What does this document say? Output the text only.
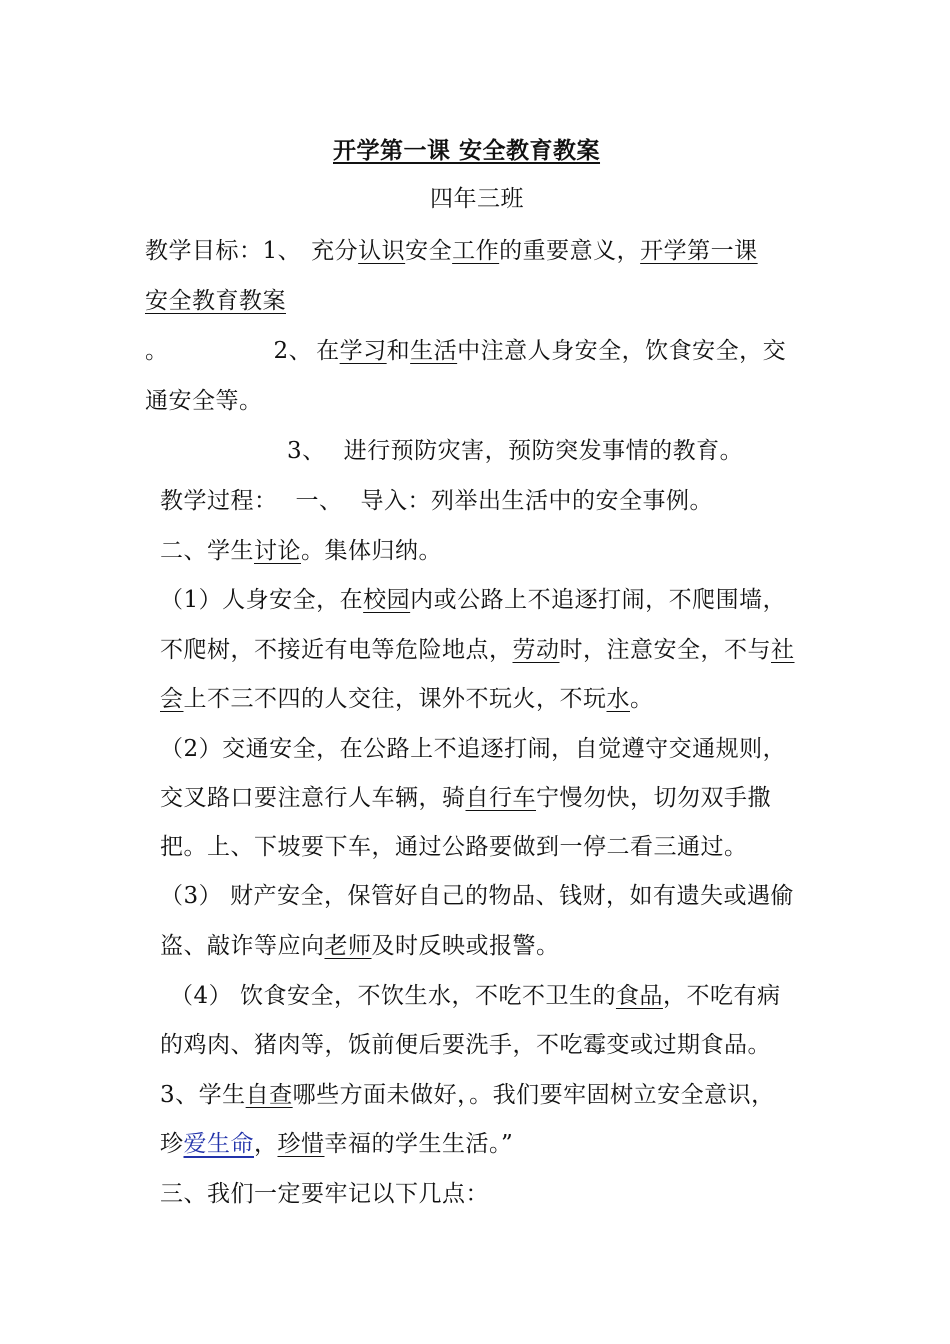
开学第一课 安全教育教案
四年三班
教学目标：1、 充分认识安全工作的重要意义，开学第一课
安全教育教案
。	2、 在学习和生活中注意人身安全，饮食安全，交
通安全等。
3、 进行预防灾害，预防突发事情的教育。
教学过程： 一、 导入：列举出生活中的安全事例。
二、学生讨论。集体归纳。
（1）人身安全，在校园内或公路上不追逐打闹，不爬围墙，
不爬树，不接近有电等危险地点，劳动时，注意安全，不与社
会上不三不四的人交往，课外不玩火，不玩水。
（2）交通安全，在公路上不追逐打闹，自觉遵守交通规则，
交叉路口要注意行人车辆，骑自行车宁慢勿快，切勿双手撒
把。上、下坡要下车，通过公路要做到一停二看三通过。
（3） 财产安全，保管好自己的物品、钱财，如有遗失或遇偷
盗、敲诈等应向老师及时反映或报警。
（4） 饮食安全，不饮生水，不吃不卫生的食品，不吃有病
的鸡肉、猪肉等，饭前便后要洗手，不吃霉变或过期食品。
3、学生自查哪些方面未做好，。我们要牢固树立安全意识，
珍爱生命，珍惜幸福的学生生活。”
三、我们一定要牢记以下几点：
